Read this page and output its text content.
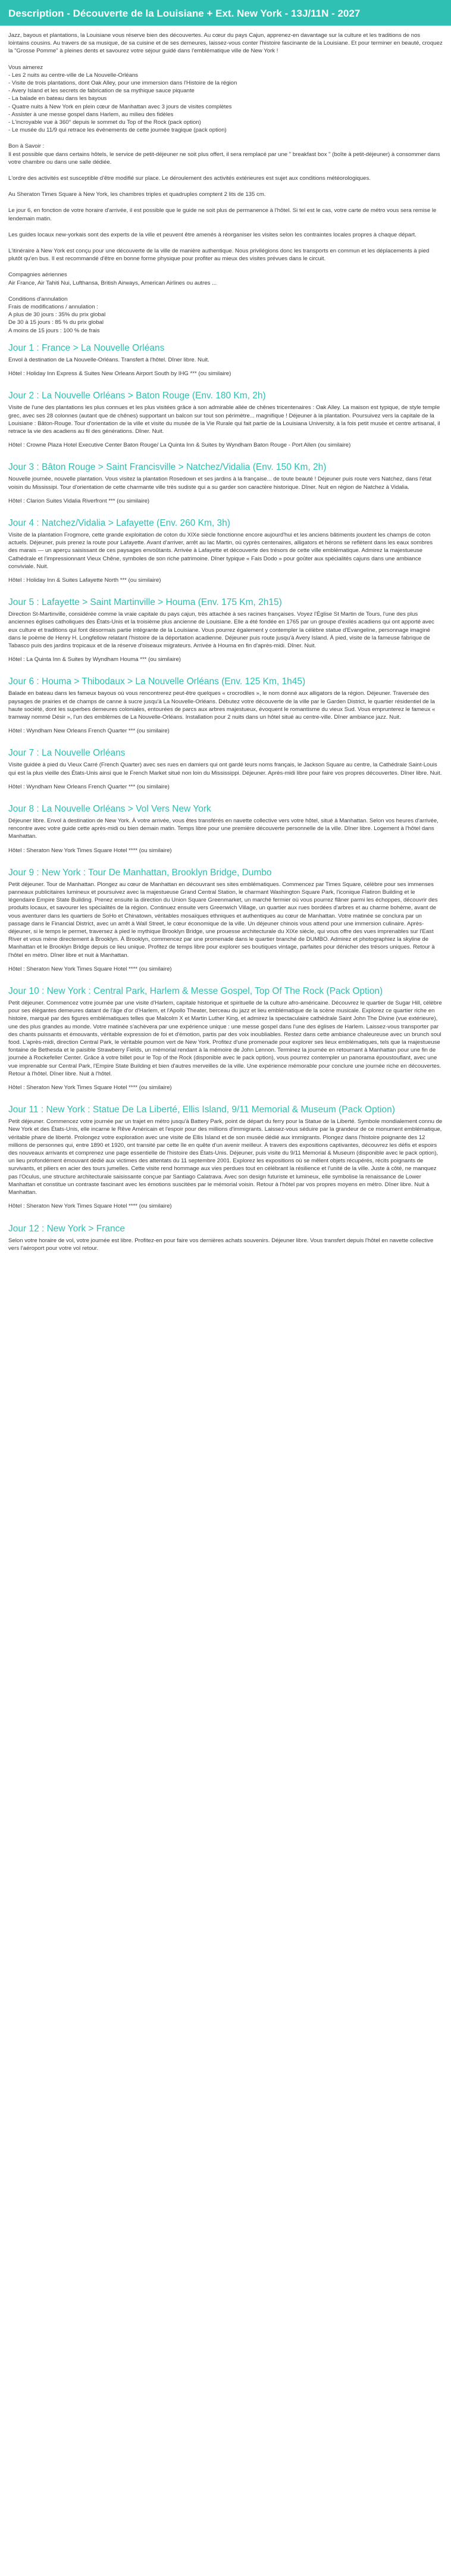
Description - Découverte de la Louisiane + Ext. New York - 13J/11N - 2027

Jazz, bayous et plantations, la Louisiane vous réserve bien des découvertes. Au cœur du pays Cajun, apprenez-en davantage sur la culture et les traditions de nos lointains cousins. Au travers de sa musique, de sa cuisine et de ses demeures, laissez-vous conter l'histoire fascinante de la Louisiane. Et pour terminer en beauté, croquez la "Grosse Pomme" à pleines dents et savourez votre séjour guidé dans l'emblématique ville de New York !

Vous aimerez
- Les 2 nuits au centre-ville de La Nouvelle-Orléans
- Visite de trois plantations, dont Oak Alley, pour une immersion dans l'Histoire de la région
- Avery Island et les secrets de fabrication de sa mythique sauce piquante
- La balade en bateau dans les bayous
- Quatre nuits à New York en plein cœur de Manhattan avec 3 jours de visites complètes
- Assister à une messe gospel dans Harlem, au milieu des fidèles
- L'incroyable vue à 360° depuis le sommet du Top of the Rock (pack option)
- Le musée du 11/9 qui retrace les événements de cette journée tragique (pack option)

Bon à Savoir :
Il est possible que dans certains hôtels, le service de petit-déjeuner ne soit plus offert, il sera remplacé par une " breakfast box " (boîte à petit-déjeuner) à consommer dans votre chambre ou dans une salle dédiée.

L'ordre des activités est susceptible d'être modifié sur place. Le déroulement des activités extérieures est sujet aux conditions météorologiques.

Au Sheraton Times Square à New York, les chambres triples et quadruples comptent 2 lits de 135 cm.

Le jour 6, en fonction de votre horaire d'arrivée, il est possible que le guide ne soit plus de permanence à l'hôtel. Si tel est le cas, votre carte de métro vous sera remise le lendemain matin.

Les guides locaux new-yorkais sont des experts de la ville et peuvent être amenés à réorganiser les visites selon les contraintes locales propres à chaque départ.

L'itinéraire à New York est conçu pour une découverte de la ville de manière authentique. Nous privilégions donc les transports en commun et les déplacements à pied plutôt qu'en bus. Il est recommandé d'être en bonne forme physique pour profiter au mieux des visites prévues dans le circuit.

Compagnies aériennes
Air France, Air Tahiti Nui, Lufthansa, British Airways, American Airlines ou autres ...

Conditions d'annulation
Frais de modifications / annulation :
A plus de 30 jours : 35% du prix global
De 30 à 15 jours : 85 % du prix global
A moins de 15 jours : 100 % de frais

Jour 1 : France > La Nouvelle Orléans

Envol à destination de La Nouvelle-Orléans. Transfert à l'hôtel. Dîner libre. Nuit.

Hôtel : Holiday Inn Express & Suites New Orleans Airport South by IHG *** (ou similaire)

Jour 2 : La Nouvelle Orléans > Baton Rouge (Env. 180 Km, 2h)

Visite de l'une des plantations les plus connues et les plus visitées grâce à son admirable allée de chênes tricentenaires : Oak Alley. La maison est typique, de style temple grec, avec ses 28 colonnes (autant que de chênes) supportant un balcon sur tout son périmètre... magnifique ! Déjeuner à la plantation. Poursuivez vers la capitale de la Louisiane : Bâton-Rouge. Tour d'orientation de la ville et visite du musée de la Vie Rurale qui fait partie de la Louisiana University, à la fois petit musée et centre artisanal, il retrace la vie des acadiens au fil des générations. Dîner. Nuit.

Hôtel : Crowne Plaza Hotel Executive Center Baton Rouge/ La Quinta Inn & Suites by Wyndham Baton Rouge - Port Allen (ou similaire)

Jour 3 : Bâton Rouge > Saint Francisville > Natchez/Vidalia (Env. 150 Km, 2h)

Nouvelle journée, nouvelle plantation. Vous visitez la plantation Rosedown et ses jardins à la française... de toute beauté ! Déjeuner puis route vers Natchez, dans l'état voisin du Mississipi. Tour d'orientation de cette charmante ville très sudiste qui a su garder son caractère historique. Dîner. Nuit en région de Natchez à Vidalia.

Hôtel : Clarion Suites Vidalia Riverfront *** (ou similaire)

Jour 4 : Natchez/Vidalia > Lafayette (Env. 260 Km, 3h)

Visite de la plantation Frogmore, cette grande exploitation de coton du XIXe siècle fonctionne encore aujourd'hui et les anciens bâtiments jouxtent les champs de coton actuels. Déjeuner, puis prenez la route pour Lafayette. Avant d'arriver, arrêt au lac Martin, où cyprès centenaires, alligators et hérons se reflètent dans les eaux sombres des marais — un aperçu saisissant de ces paysages envoûtants. Arrivée à Lafayette et découverte des trésors de cette ville emblématique. Admirez la majestueuse Cathédrale et l'impressionnant Vieux Chêne, symboles de son riche patrimoine. Dîner typique « Fais Dodo » pour goûter aux spécialités cajuns dans une ambiance conviviale. Nuit.

Hôtel : Holiday Inn & Suites Lafayette North *** (ou similaire)

Jour 5 : Lafayette > Saint Martinville > Houma (Env. 175 Km, 2h15)

Direction St-Martinville, considérée comme la vraie capitale du pays cajun, très attachée à ses racines françaises. Voyez l'Église St Martin de Tours, l'une des plus anciennes églises catholiques des États-Unis et la troisième plus ancienne de Louisiane. Elle a été fondée en 1765 par un groupe d'exilés acadiens qui ont apporté avec eux culture et traditions qui font désormais partie intégrante de la Louisiane. Vous pourrez également y contempler la célèbre statue d'Evangeline, personnage imaginé dans le poème de Henry H. Longfellow relatant l'histoire de la déportation acadienne. Déjeuner puis route jusqu'à Avery Island. À pied, visite de la fameuse fabrique de Tabasco puis des jardins tropicaux et de la réserve d'oiseaux migrateurs. Arrivée à Houma en fin d'après-midi. Dîner. Nuit.

Hôtel : La Quinta Inn & Suites by Wyndham Houma *** (ou similaire)

Jour 6 : Houma > Thibodaux > La Nouvelle Orléans (Env. 125 Km, 1h45)

Balade en bateau dans les fameux bayous où vous rencontrerez peut-être quelques « crocrodiles », le nom donné aux alligators de la région. Déjeuner. Traversée des paysages de prairies et de champs de canne à sucre jusqu'à La Nouvelle-Orléans. Débutez votre découverte de la ville par le Garden District, le quartier résidentiel de la haute société, dont les superbes demeures coloniales, entourées de parcs aux arbres majestueux, évoquent le romantisme du vieux Sud. Vous emprunterez le fameux « tramway nommé Désir », l'un des emblèmes de La Nouvelle-Orléans. Installation pour 2 nuits dans un hôtel situé au centre-ville. Dîner ambiance jazz. Nuit.

Hôtel : Wyndham New Orleans French Quarter *** (ou similaire)

Jour 7 : La Nouvelle Orléans

Visite guidée à pied du Vieux Carré (French Quarter) avec ses rues en damiers qui ont gardé leurs noms français, le Jackson Square au centre, la Cathédrale Saint-Louis qui est la plus vieille des États-Unis ainsi que le French Market situé non loin du Mississippi. Déjeuner. Après-midi libre pour faire vos propres découvertes. Dîner libre. Nuit.

Hôtel : Wyndham New Orleans French Quarter *** (ou similaire)

Jour 8 : La Nouvelle Orléans > Vol Vers New York

Déjeuner libre. Envol à destination de New York. À votre arrivée, vous êtes transférés en navette collective vers votre hôtel, situé à Manhattan. Selon vos heures d'arrivée, rencontre avec votre guide cette après-midi ou bien demain matin. Temps libre pour une première découverte personnelle de la ville. Dîner libre. Logement à l'hôtel dans Manhattan.

Hôtel : Sheraton New York Times Square Hotel **** (ou similaire)

Jour 9 : New York : Tour De Manhattan, Brooklyn Bridge, Dumbo

Petit déjeuner. Tour de Manhattan. Plongez au cœur de Manhattan en découvrant ses sites emblématiques. Commencez par Times Square, célèbre pour ses immenses panneaux publicitaires lumineux et poursuivez avec la majestueuse Grand Central Station, le charmant Washington Square Park, l'iconique Flatiron Building et le légendaire Empire State Building. Prenez ensuite la direction du Union Square Greenmarket, un marché fermier où vous pourrez flâner parmi les échoppes, découvrir des produits locaux, et savourer les spécialités de la région. Continuez ensuite vers Greenwich Village, un quartier aux rues bordées d'arbres et au charme bohème, avant de vous aventurer dans les quartiers de SoHo et Chinatown, véritables mosaïques ethniques et authentiques au cœur de Manhattan. Votre matinée se conclura par un passage dans le Financial District, avec un arrêt à Wall Street, le cœur économique de la ville. Un déjeuner chinois vous attend pour une immersion culinaire. Après-déjeuner, si le temps le permet, traversez à pied le mythique Brooklyn Bridge, une prouesse architecturale du XIXe siècle, qui vous offre des vues imprenables sur l'East River et vous mène directement à Brooklyn. À Brooklyn, commencez par une promenade dans le quartier branché de DUMBO. Admirez et photographiez la skyline de Manhattan et le Brooklyn Bridge depuis ce lieu unique. Profitez de temps libre pour explorer ses boutiques vintage, parfaites pour dénicher des trésors uniques. Retour à l'hôtel en métro. Dîner libre et nuit à Manhattan.

Hôtel : Sheraton New York Times Square Hotel **** (ou similaire)

Jour 10 : New York : Central Park, Harlem & Messe Gospel, Top Of The Rock (Pack Option)

Petit déjeuner. Commencez votre journée par une visite d'Harlem, capitale historique et spirituelle de la culture afro-américaine. Découvrez le quartier de Sugar Hill, célèbre pour ses élégantes demeures datant de l'âge d'or d'Harlem, et l'Apollo Theater, berceau du jazz et lieu emblématique de la scène musicale. Explorez ce quartier riche en histoire, marqué par des figures emblématiques telles que Malcolm X et Martin Luther King, et admirez la spectaculaire cathédrale Saint John The Divine (vue extérieure), une des plus grandes au monde. Votre matinée s'achèvera par une expérience unique : une messe gospel dans l'une des églises de Harlem. Laissez-vous transporter par des chants puissants et émouvants, véritable expression de foi et d'émotion, partis par des voix inoubliables. Restez dans cette ambiance chaleureuse avec un brunch soul food. L'après-midi, direction Central Park, le véritable poumon vert de New York. Profitez d'une promenade pour explorer ses lieux emblématiques, tels que la majestueuse fontaine de Bethesda et le paisible Strawberry Fields, un mémorial rendant à la mémoire de John Lennon. Terminez la journée en retournant à Manhattan pour une fin de journée à Rockefeller Center. Grâce à votre billet pour le Top of the Rock (disponible avec le pack option), vous pourrez contempler un panorama époustouflant, avec une vue imprenable sur Central Park, l'Empire State Building et bien d'autres merveilles de la ville. Une expérience mémorable pour conclure une journée riche en découvertes. Retour à l'hôtel. Dîner libre. Nuit à l'hôtel.

Hôtel : Sheraton New York Times Square Hotel **** (ou similaire)

Jour 11 : New York : Statue De La Liberté, Ellis Island, 9/11 Memorial & Museum (Pack Option)

Petit déjeuner. Commencez votre journée par un trajet en métro jusqu'à Battery Park, point de départ du ferry pour la Statue de la Liberté. Symbole mondialement connu de New York et des États-Unis, elle incarne le Rêve Américain et l'espoir pour des millions d'immigrants. Laissez-vous séduire par la grandeur de ce monument emblématique, véritable phare de liberté. Prolongez votre exploration avec une visite de Ellis Island et de son musée dédié aux immigrants. Plongez dans l'histoire poignante des 12 millions de personnes qui, entre 1890 et 1920, ont transité par cette île en quête d'un avenir meilleur. À travers des expositions captivantes, découvrez les défis et espoirs des nouveaux arrivants et comprenez une page essentielle de l'histoire des États-Unis. Déjeuner, puis visite du 9/11 Memorial & Museum (disponible avec le pack option), un lieu profondément émouvant dédié aux victimes des attentats du 11 septembre 2001. Explorez les expositions où se mêlent objets récupérés, récits poignants de survivants, et piliers en acier des tours jumelles. Cette visite rend hommage aux vies perdues tout en célébrant la résilience et l'unité de la ville. Juste à côté, ne manquez pas l'Oculus, une structure architecturale saisissante conçue par Santiago Calatrava. Avec son design futuriste et lumineux, elle symbolise la renaissance de Lower Manhattan et constitue un contraste fascinant avec les émotions suscitées par le mémorial voisin. Retour à l'hôtel par vos propres moyens en métro. Dîner libre. Nuit à Manhattan.

Hôtel : Sheraton New York Times Square Hotel **** (ou similaire)

Jour 12 : New York > France

Selon votre horaire de vol, votre journée est libre. Profitez-en pour faire vos dernières achats souvenirs. Déjeuner libre. Vous transfert depuis l'hôtel en navette collective vers l'aéroport pour votre vol retour.
